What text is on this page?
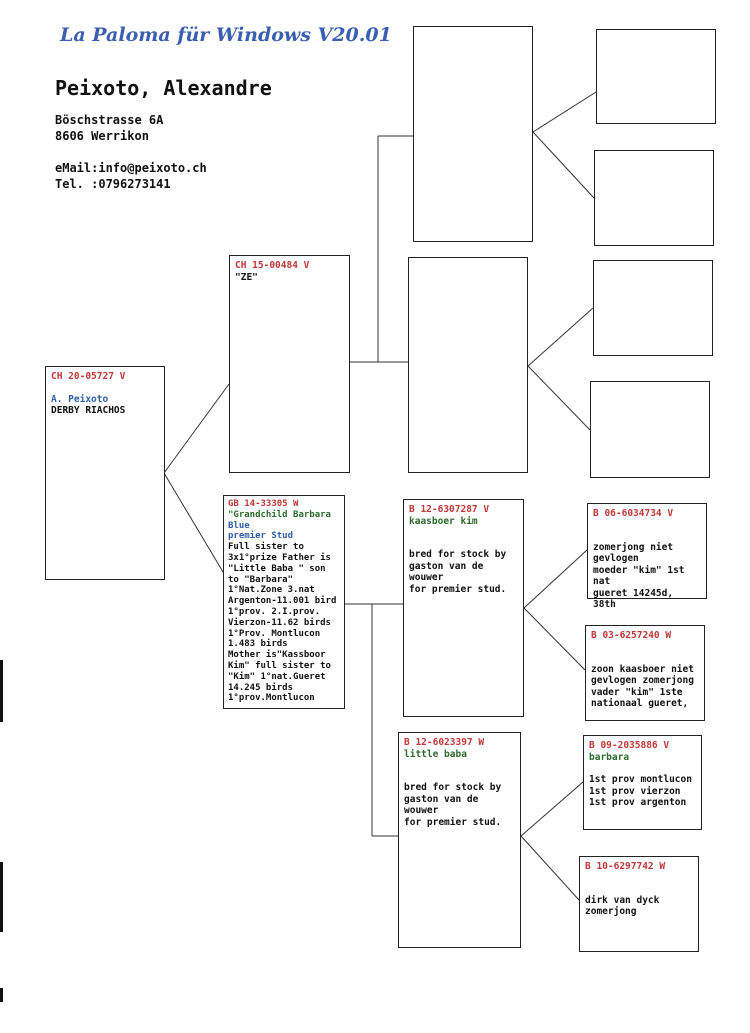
La Paloma für Windows V20.01
Peixoto, Alexandre
Böschstrasse 6A
8606 Werrikon
eMail:info@peixoto.ch
Tel. :0796273141
CH 20-05727 V
A. Peixoto
DERBY RIACHOS
CH 15-00484 V
"ZE"
GB 14-33305 W
"Grandchild Barbara
Blue
premier Stud
Full sister to
3x1°prize Father is
"Little Baba " son
to "Barbara"
1°Nat.Zone 3.nat
Argenton-11.001 bird
1°prov. 2.I.prov.
Vierzon-11.62 birds
1°Prov. Montlucon
1.483 birds
Mother is"Kassboor
Kim" full sister to
"Kim" 1°nat.Gueret
14.245 birds
1°prov.Montlucon
B 12-6307287 V
kaasboer kim
bred for stock by
gaston van de wouwer
for premier stud.
B 12-6023397 W
little baba
bred for stock by
gaston van de wouwer
for premier stud.
B 06-6034734 V
zomerjong niet
gevlogen
moeder "kim" 1st nat
gueret 14245d, 38th
B 03-6257240 W
zoon kaasboer niet
gevlogen zomerjong
vader "kim" 1ste
nationaal gueret,
B 09-2035886 V
barbara
1st prov montlucon
1st prov vierzon
1st prov argenton
B 10-6297742 W
dirk van dyck
zomerjong
